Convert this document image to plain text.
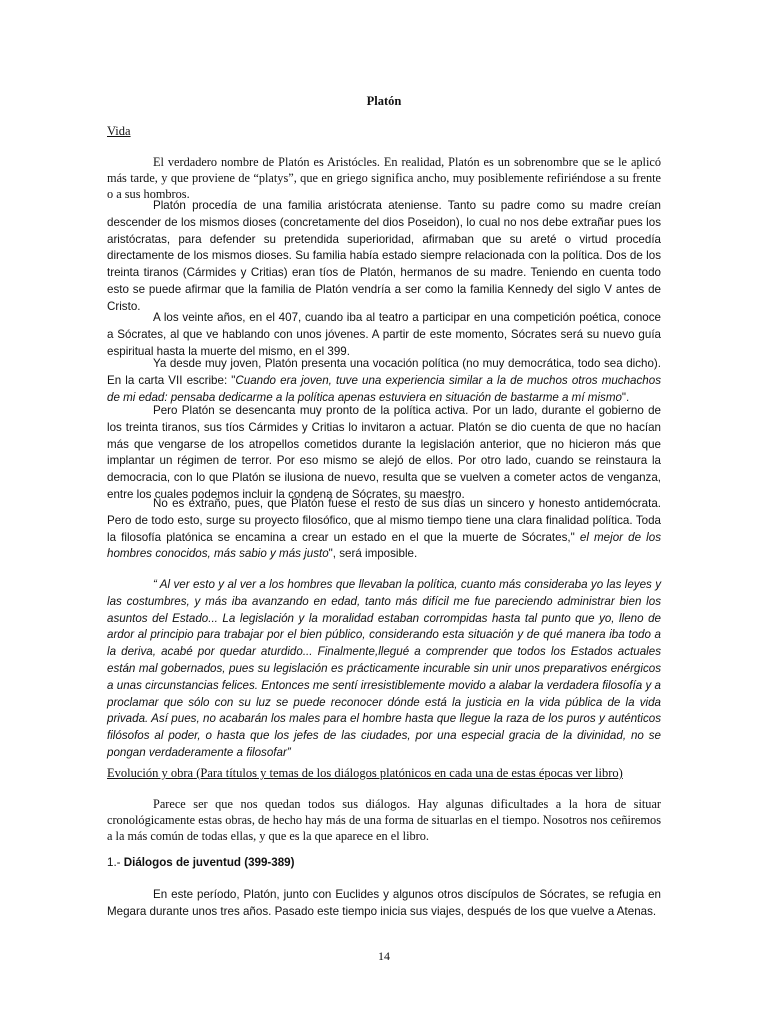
Platón
Vida

El verdadero nombre de Platón es Aristócles. En realidad, Platón es un sobrenombre que se le aplicó más tarde, y que proviene de “platys”, que en griego significa ancho, muy posiblemente refiriéndose a su frente o a sus hombros.

Platón procedía de una familia aristócrata ateniense. Tanto su padre como su madre creían descender de los mismos dioses (concretamente del dios Poseidon), lo cual no nos debe extrañar pues los aristócratas, para defender su pretendida superioridad, afirmaban que su areté o virtud procedía directamente de los mismos dioses. Su familia había estado siempre relacionada con la política. Dos de los treinta tiranos (Cármides y Critias) eran tíos de Platón, hermanos de su madre. Teniendo en cuenta todo esto se puede afirmar que la familia de Platón vendría a ser como la familia Kennedy del siglo V antes de Cristo.

A los veinte años, en el 407, cuando iba al teatro a participar en una competición poética, conoce a Sócrates, al que ve hablando con unos jóvenes. A partir de este momento, Sócrates será su nuevo guía espiritual hasta la muerte del mismo, en el 399.

Ya desde muy joven, Platón presenta una vocación política (no muy democrática, todo sea dicho). En la carta VII escribe: "Cuando era joven, tuve una experiencia similar a la de muchos otros muchachos de mi edad: pensaba dedicarme a la política apenas estuviera en situación de bastarme a mí mismo".

Pero Platón se desencanta muy pronto de la política activa. Por un lado, durante el gobierno de los treinta tiranos, sus tíos Cármides y Critias lo invitaron a actuar. Platón se dio cuenta de que no hacían más que vengarse de los atropellos cometidos durante la legislación anterior, que no hicieron más que implantar un régimen de terror. Por eso mismo se alejó de ellos. Por otro lado, cuando se reinstaura la democracia, con lo que Platón se ilusiona de nuevo, resulta que se vuelven a cometer actos de venganza, entre los cuales podemos incluir la condena de Sócrates, su maestro.

No es extraño, pues, que Platón fuese el resto de sus días un sincero y honesto antidemócrata. Pero de todo esto, surge su proyecto filosófico, que al mismo tiempo tiene una clara finalidad política. Toda la filosofía platónica se encamina a crear un estado en el que la muerte de Sócrates," el mejor de los hombres conocidos, más sabio y más justo", será imposible.

“ Al ver esto y al ver a los hombres que llevaban la política, cuanto más consideraba yo las leyes y las costumbres, y más iba avanzando en edad, tanto más difícil me fue pareciendo administrar bien los asuntos del Estado... La legislación y la moralidad estaban corrompidas hasta tal punto que yo, lleno de ardor al principio para trabajar por el bien público, considerando esta situación y de qué manera iba todo a la deriva, acabé por quedar aturdido... Finalmente,llegué a comprender que todos los Estados actuales están mal gobernados, pues su legislación es prácticamente incurable sin unir unos preparativos enérgicos a unas circunstancias felices. Entonces me sentí irresistiblemente movido a alabar la verdadera filosofía y a proclamar que sólo con su luz se puede reconocer dónde está la justicia en la vida pública de la vida privada. Así pues, no acabarán los males para el hombre hasta que llegue la raza de los puros y auténticos filósofos al poder, o hasta que los jefes de las ciudades, por una especial gracia de la divinidad, no se pongan verdaderamente a filosofar”

Evolución y obra (Para títulos y temas de los diálogos platónicos en cada una de estas épocas ver libro)

Parece ser que nos quedan todos sus diálogos. Hay algunas dificultades a la hora de situar cronológicamente estas obras, de hecho hay más de una forma de situarlas en el tiempo. Nosotros nos ceñiremos a la más común de todas ellas, y que es la que aparece en el libro.

1.- Diálogos de juventud (399-389)

En este período, Platón, junto con Euclides y algunos otros discípulos de Sócrates, se refugia en Megara durante unos tres años. Pasado este tiempo inicia sus viajes, después de los que vuelve a Atenas.

14
